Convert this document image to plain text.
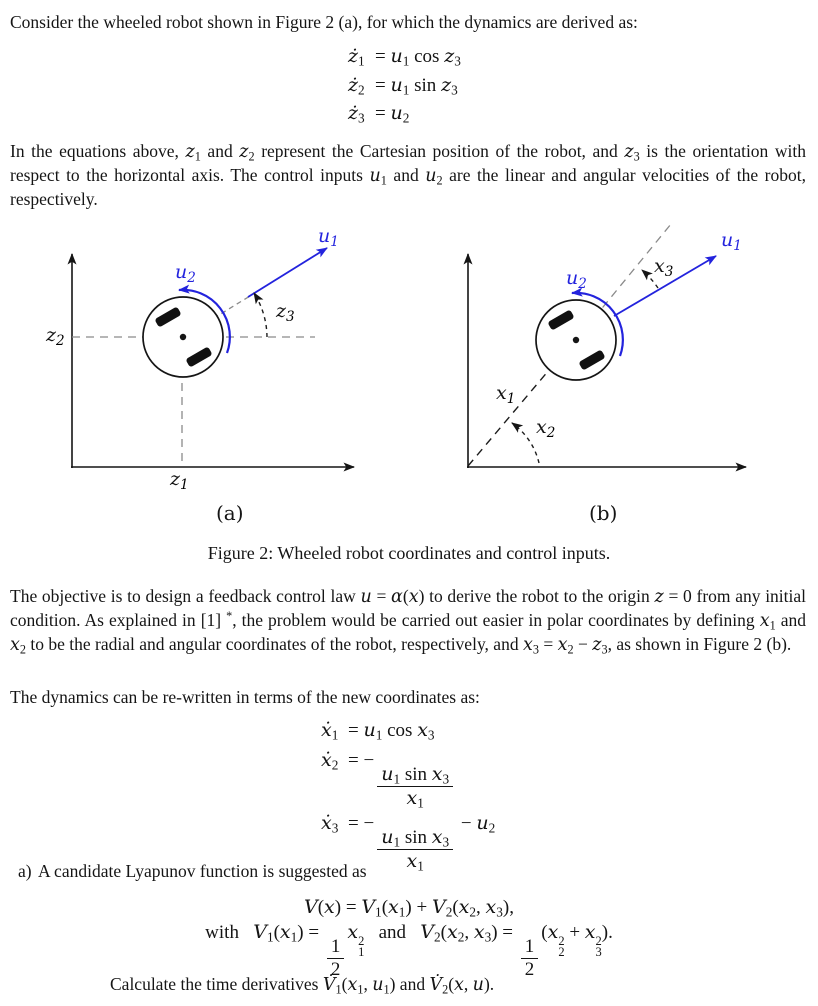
Consider the wheeled robot shown in Figure 2 (a), for which the dynamics are derived as:

$ż_1 = u_1$ $\cos z_3$
$ż_2 = u_1$ $\sin z_3$
$ż_3 = u_2$

In the equations above, $z_1$ and $z_2$ represent the Cartesian position of the robot, and $z_3$ is the orientation with respect to the horizontal axis. The control inputs $u_1$ and $u_2$ are the linear and angular velocities of the robot, respectively.

$z_2$
$z_1$
$z_3$
$u_1$
$u_2$
(a)
$x_1$
$x_2$
$x_3$
$u_1$
$u_2$
(b)
Figure 2: Wheeled robot coordinates and control inputs.

The objective is to design a feedback control law u = α(x) to derive the robot to the origin z = 0 from any initial condition. As explained in [1] *, the problem would be carried out easier in polar coordinates by defining $x_1$ and $x_2$ to be the radial and angular coordinates of the robot, respectively, and $x_3 = x_2 - z_3$, as shown in Figure 2 (b).

The dynamics can be re-written in terms of the new coordinates as:

ẋ$_1$ = $u_1$ $\cos x_3$
ẋ$_2$ = −
$\frac{u_1 \sin x_3}{x_1}$
ẋ$_3$ = −
$\frac{u_1 \sin x_3}{x_1}$
− $u_2$
a) A candidate Lyapunov function is suggested as
$V(x) = V_1(x_1) + V_2(x_2$, $x_3$),
with   $V_1(x_1)$ =
$\frac{1}{2}$
x 2
1
and   $V_2(x_2$, $x_3$) =
$\frac{1}{2}$
(x 2
2
+ x 2
3
).
Calculate the time derivatives $V̇_1(x_1$, $u_1$) and $V̇_2(x$, u).
